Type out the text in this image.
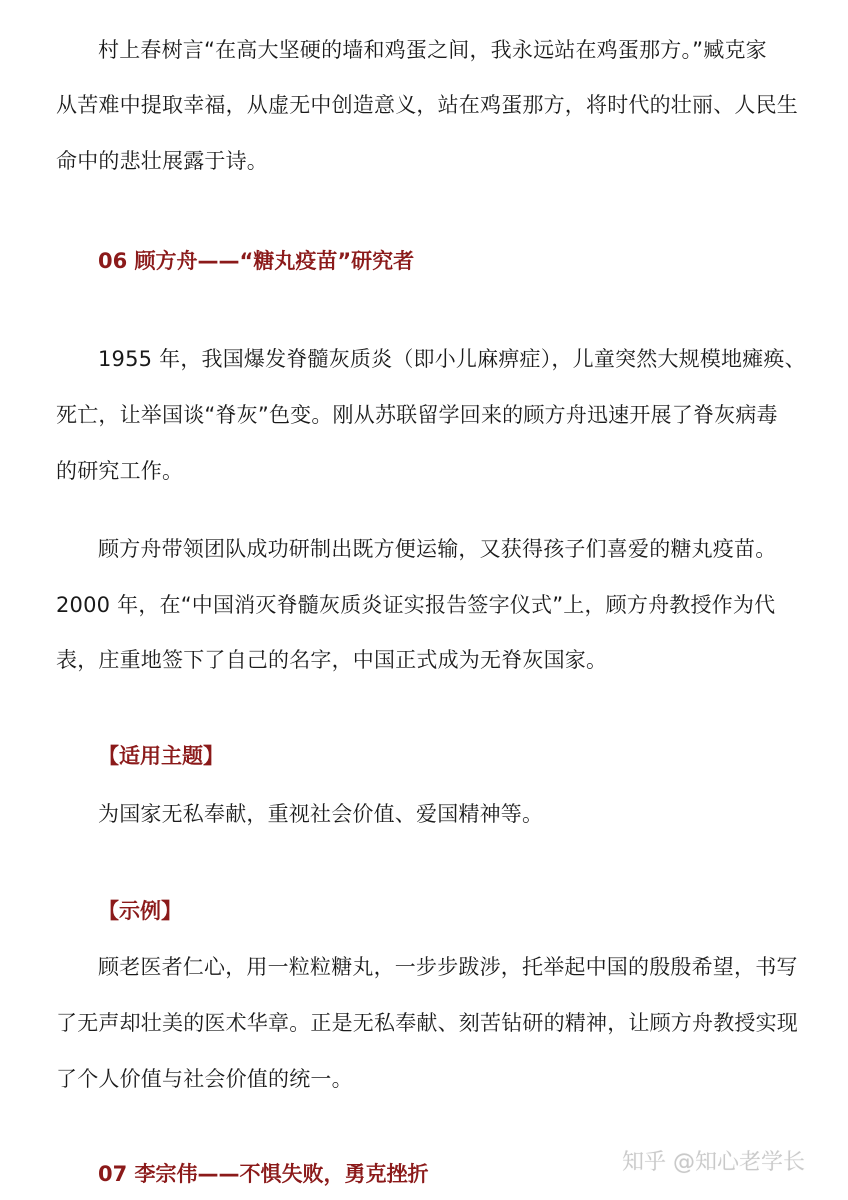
村上春树言“在高大坚硬的墙和鸡蛋之间，我永远站在鸡蛋那方。”臧克家
从苦难中提取幸福，从虚无中创造意义，站在鸡蛋那方，将时代的壮丽、人民生
命中的悲壮展露于诗。
06 顾方舟——“糖丸疫苗”研究者
1955 年，我国爆发脊髓灰质炎（即小儿麻痹症），儿童突然大规模地瘫痪、
死亡，让举国谈“脊灰”色变。刚从苏联留学回来的顾方舟迅速开展了脊灰病毒
的研究工作。
顾方舟带领团队成功研制出既方便运输，又获得孩子们喜爱的糖丸疫苗。
2000 年，在“中国消灭脊髓灰质炎证实报告签字仪式”上，顾方舟教授作为代
表，庄重地签下了自己的名字，中国正式成为无脊灰国家。
【适用主题】
为国家无私奉献，重视社会价值、爱国精神等。
【示例】
顾老医者仁心，用一粒粒糖丸，一步步跋涉，托举起中国的殷殷希望，书写
了无声却壮美的医术华章。正是无私奉献、刻苦钻研的精神，让顾方舟教授实现
了个人价值与社会价值的统一。
07 李宗伟——不惧失败，勇克挫折	知乎 @知心老学长
